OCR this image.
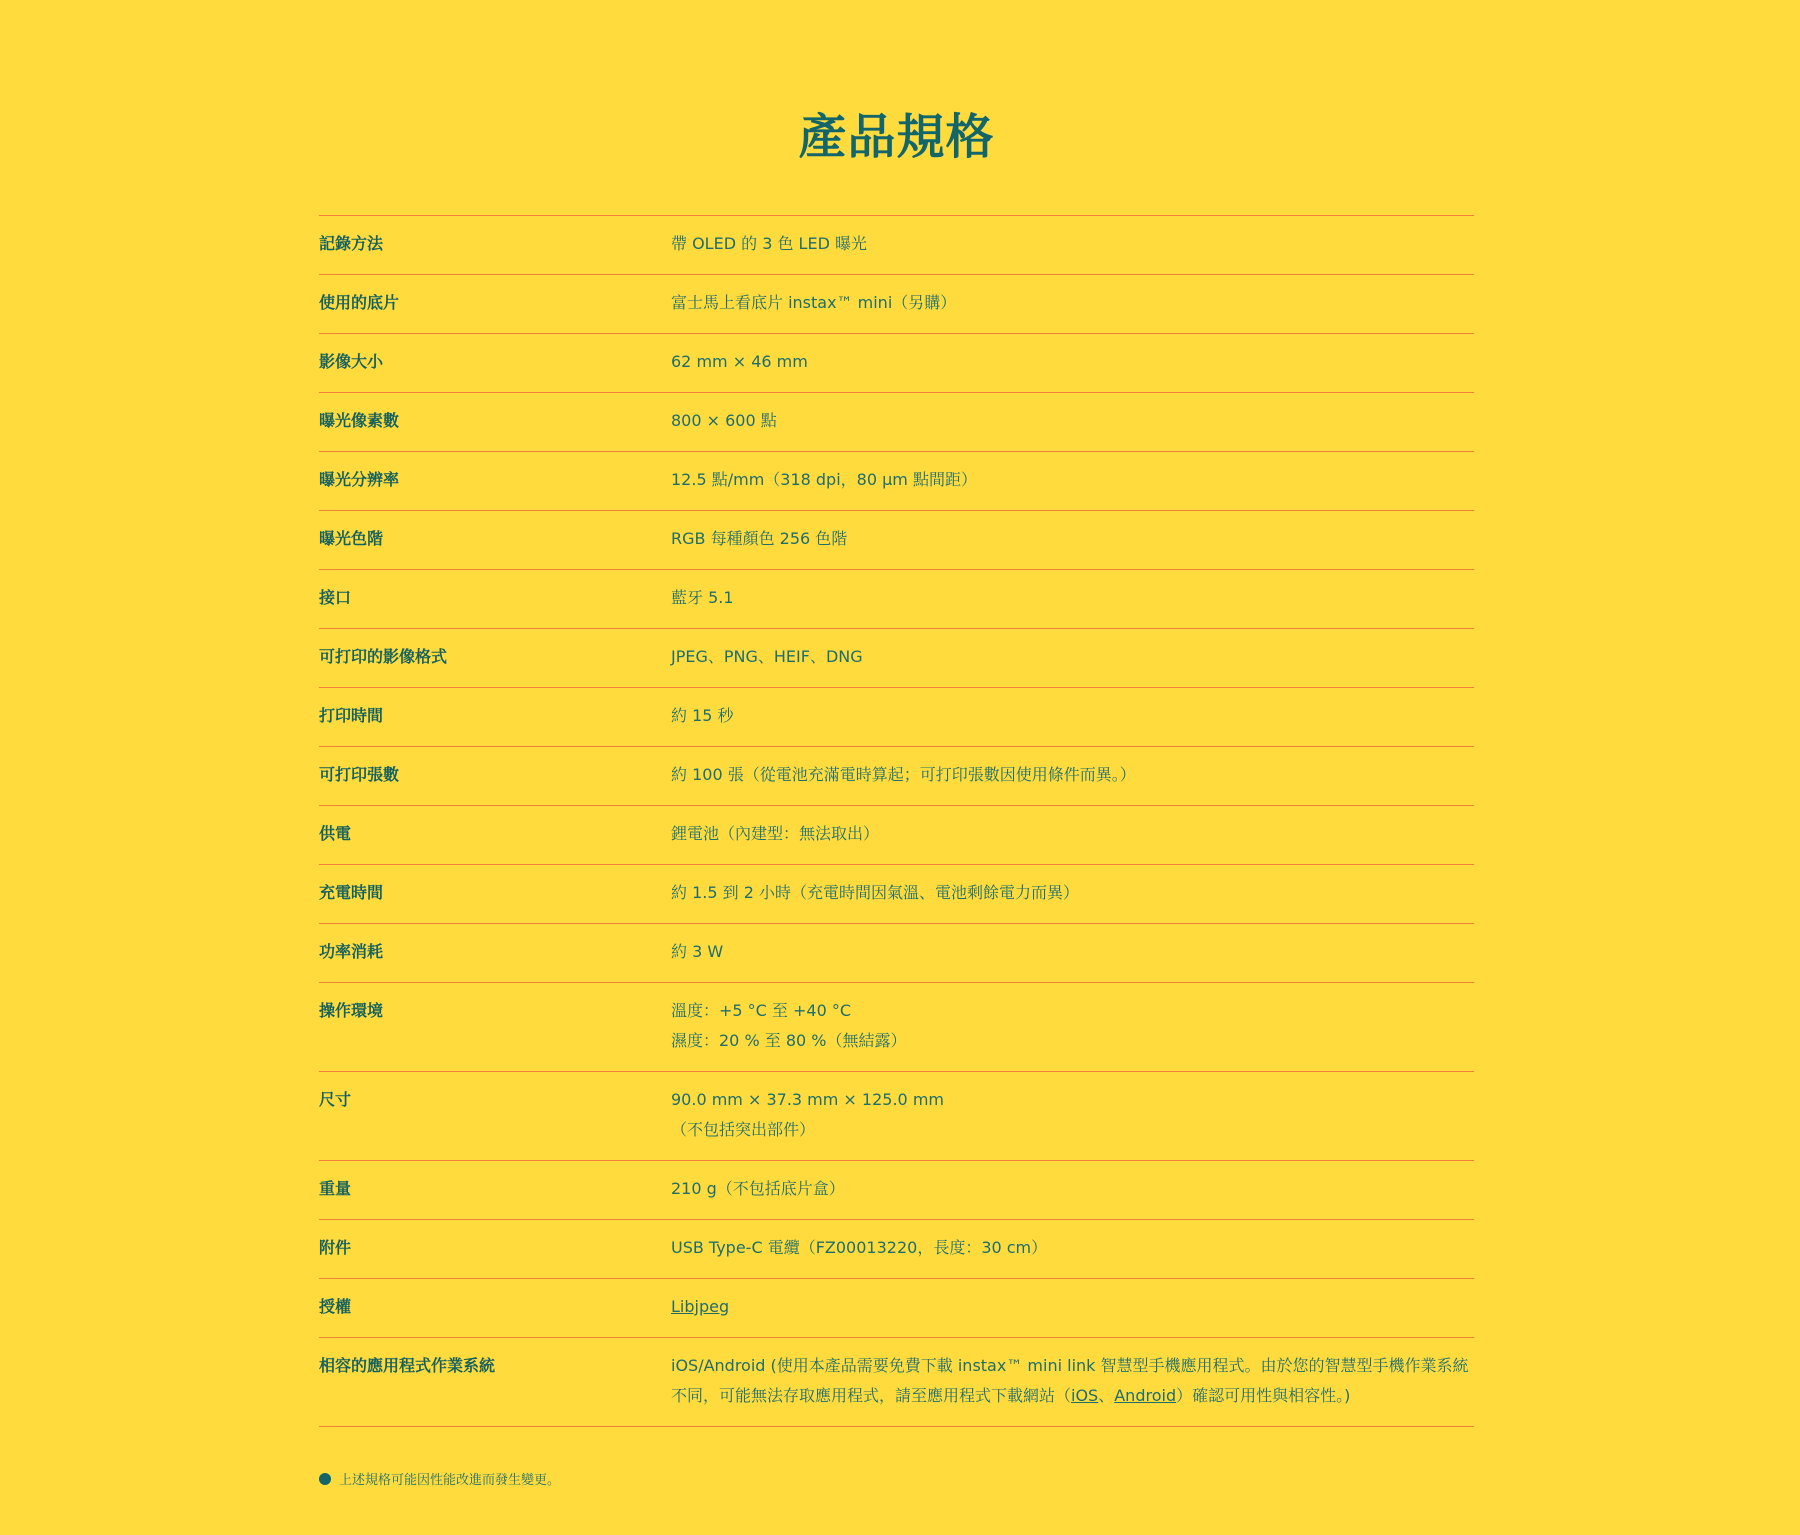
產品規格
記錄方法	帶 OLED 的 3 色 LED 曝光
使用的底片	富士馬上看底片 instax™ mini（另購）
影像大小	62 mm × 46 mm
曝光像素數	800 × 600 點
曝光分辨率	12.5 點/mm（318 dpi，80 µm 點間距）
曝光色階	RGB 每種顏色 256 色階
接口	藍牙 5.1
可打印的影像格式	JPEG、PNG、HEIF、DNG
打印時間	約 15 秒
可打印張數	約 100 張（從電池充滿電時算起；可打印張數因使用條件而異。）
供電	鋰電池（內建型：無法取出）
充電時間	約 1.5 到 2 小時（充電時間因氣溫、電池剩餘電力而異）
功率消耗	約 3 W
操作環境	溫度：+5 °C 至 +40 °C
濕度：20 % 至 80 %（無結露）
尺寸	90.0 mm × 37.3 mm × 125.0 mm
（不包括突出部件）
重量	210 g（不包括底片盒）
附件	USB Type-C 電纜（FZ00013220，長度：30 cm）
授權	Libjpeg
相容的應用程式作業系統	iOS/Android (使用本產品需要免費下載 instax™ mini link 智慧型手機應用程式。由於您的智慧型手機作業系統不同，可能無法存取應用程式，請至應用程式下載網站（iOS、Android）確認可用性與相容性。)
上述規格可能因性能改進而發生變更。
